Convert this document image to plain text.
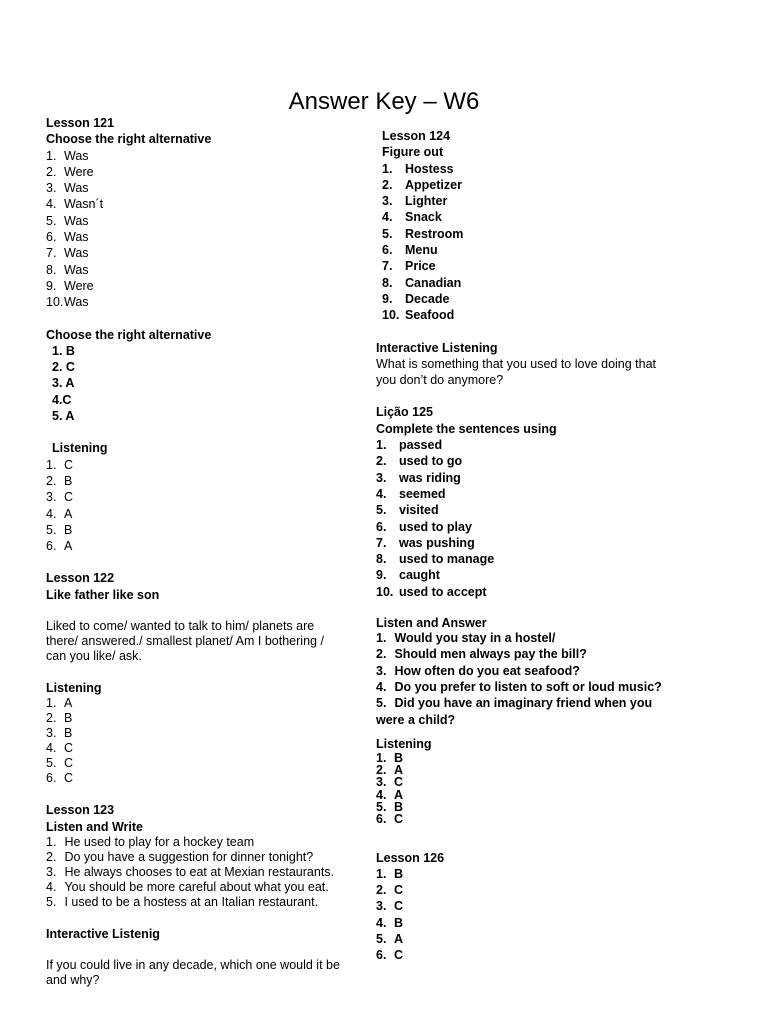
Answer Key – W6
Lesson 121
Choose the right alternative
1. Was
2. Were
3. Was
4. Wasn´t
5. Was
6. Was
7. Was
8. Was
9. Were
10. Was
Choose the right alternative
1. B
2. C
3. A
4.C
5. A
Listening
1. C
2. B
3. C
4. A
5. B
6. A
Lesson 122
Like father like son
Liked to come/ wanted to talk to him/ planets are there/ answered./ smallest planet/ Am I bothering / can you like/ ask.
Listening
1. A
2. B
3. B
4. C
5. C
6. C
Lesson 123
Listen and Write
1. He used to play for a hockey team
2. Do you have a suggestion for dinner tonight?
3. He always chooses to eat at Mexian restaurants.
4. You should be more careful about what you eat.
5. I used to be a hostess at an Italian restaurant.
Interactive Listenig
If you could live in any decade, which one would it be and why?
Lesson 124
Figure out
1.	Hostess
2.	Appetizer
3.	Lighter
4.	Snack
5.	Restroom
6.	Menu
7.	Price
8.	Canadian
9.	Decade
10. Seafood
Interactive Listening
What is something that you used to love doing that you don’t do anymore?
Lição 125
Complete the sentences using
1.	passed
2.	used to go
3.	was riding
4.	seemed
5.	visited
6.	used to play
7.	was pushing
8.	used to manage
9.	caught
10. used to accept
Listen and Answer
1. Would you stay in a hostel/
2. Should men always pay the bill?
3. How often do you eat seafood?
4. Do you prefer to listen to soft or loud music?
5. Did you have an imaginary friend when you were a child?
Listening
1. B
2. A
3. C
4. A
5. B
6. C
Lesson 126
1. B
2. C
3. C
4. B
5. A
6. C
